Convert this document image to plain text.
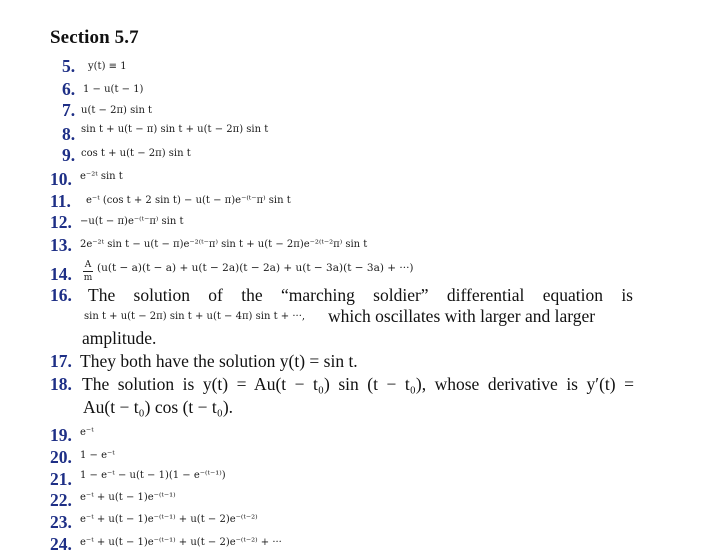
Section 5.7
5. y(t) ≡ 1
6. 1 − u(t − 1)
7. u(t − 2π) sin t
8. sin t + u(t − π) sin t + u(t − 2π) sin t
9. cos t + u(t − 2π) sin t
10. e⁻²ᵗ sin t
11. e⁻ᵗ (cos t + 2 sin t) − u(t − π)e⁻⁽ᵗ⁻π⁾ sin t
12. −u(t − π)e⁻⁽ᵗ⁻π⁾ sin t
13. 2e⁻²ᵗ sin t − u(t − π)e⁻²⁽ᵗ⁻π⁾ sin t + u(t − 2π)e⁻²⁽ᵗ⁻²π⁾ sin t
14. A
m
(u(t − a)(t − a) + u(t − 2a)(t − 2a) + u(t − 3a)(t − 3a) + ···)
16. The solution of the “marching soldier” differential equation is
sin t + u(t − 2π) sin t + u(t − 4π) sin t + ···, which oscillates with larger and larger
amplitude.
17. They both have the solution y(t) = sin t.
18. The solution is y(t) = Au(t − t₀) sin (t − t₀), whose derivative is y′(t) =
Au(t − t₀) cos (t − t₀).
19. e⁻ᵗ
20. 1 − e⁻ᵗ
21. 1 − e⁻ᵗ − u(t − 1)(1 − e⁻⁽ᵗ⁻¹⁾)
22. e⁻ᵗ + u(t − 1)e⁻⁽ᵗ⁻¹⁾
23. e⁻ᵗ + u(t − 1)e⁻⁽ᵗ⁻¹⁾ + u(t − 2)e⁻⁽ᵗ⁻²⁾
24. e⁻ᵗ + u(t − 1)e⁻⁽ᵗ⁻¹⁾ + u(t − 2)e⁻⁽ᵗ⁻²⁾ + ···
